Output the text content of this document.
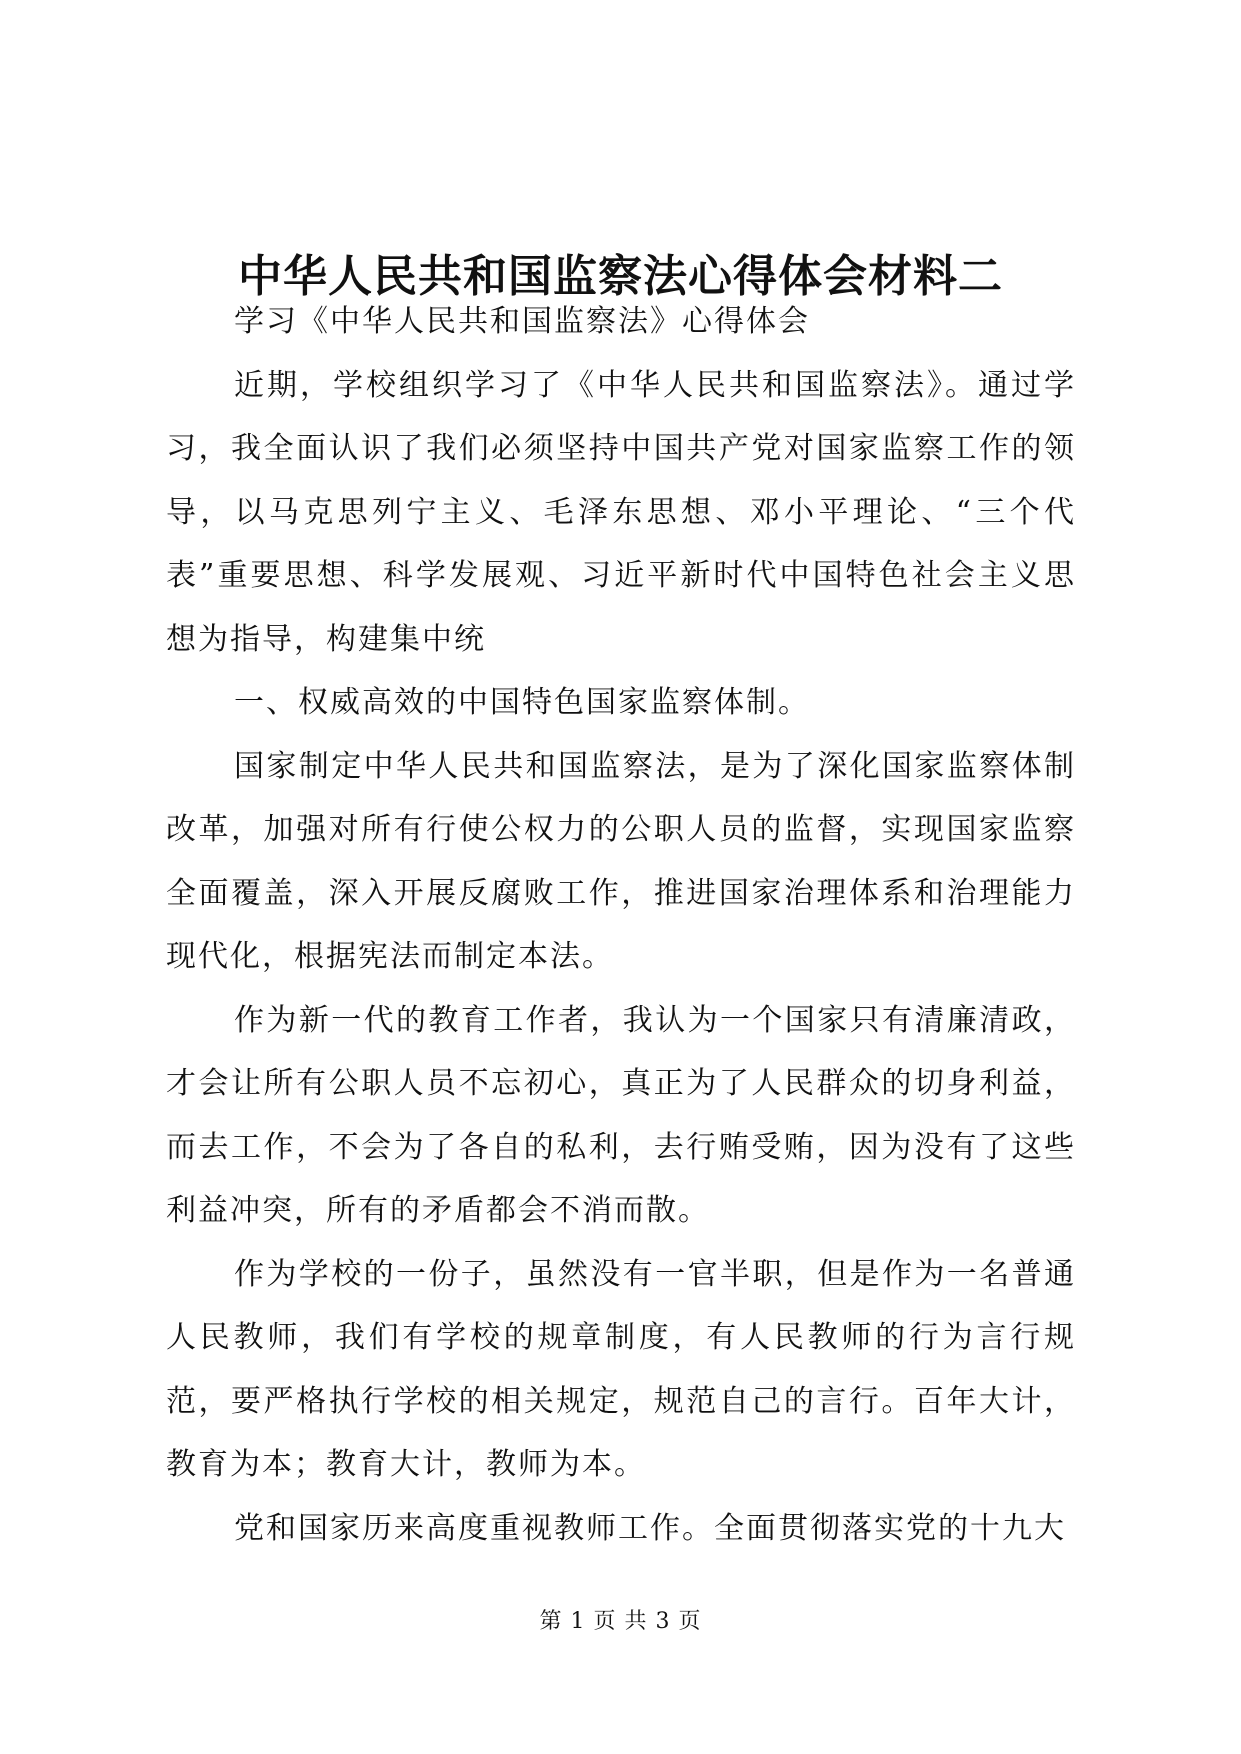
中华人民共和国监察法心得体会材料二

学习《中华人民共和国监察法》心得体会

近期，学校组织学习了《中华人民共和国监察法》。通过学习，我全面认识了我们必须坚持中国共产党对国家监察工作的领导，以马克思列宁主义、毛泽东思想、邓小平理论、“三个代表”重要思想、科学发展观、习近平新时代中国特色社会主义思想为指导，构建集中统

一、权威高效的中国特色国家监察体制。

国家制定中华人民共和国监察法，是为了深化国家监察体制改革，加强对所有行使公权力的公职人员的监督，实现国家监察全面覆盖，深入开展反腐败工作，推进国家治理体系和治理能力现代化，根据宪法而制定本法。

作为新一代的教育工作者，我认为一个国家只有清廉清政，才会让所有公职人员不忘初心，真正为了人民群众的切身利益，而去工作，不会为了各自的私利，去行贿受贿，因为没有了这些利益冲突，所有的矛盾都会不消而散。

作为学校的一份子，虽然没有一官半职，但是作为一名普通人民教师，我们有学校的规章制度，有人民教师的行为言行规范，要严格执行学校的相关规定，规范自己的言行。百年大计，教育为本；教育大计，教师为本。

党和国家历来高度重视教师工作。全面贯彻落实党的十九大

第 1 页 共 3 页
